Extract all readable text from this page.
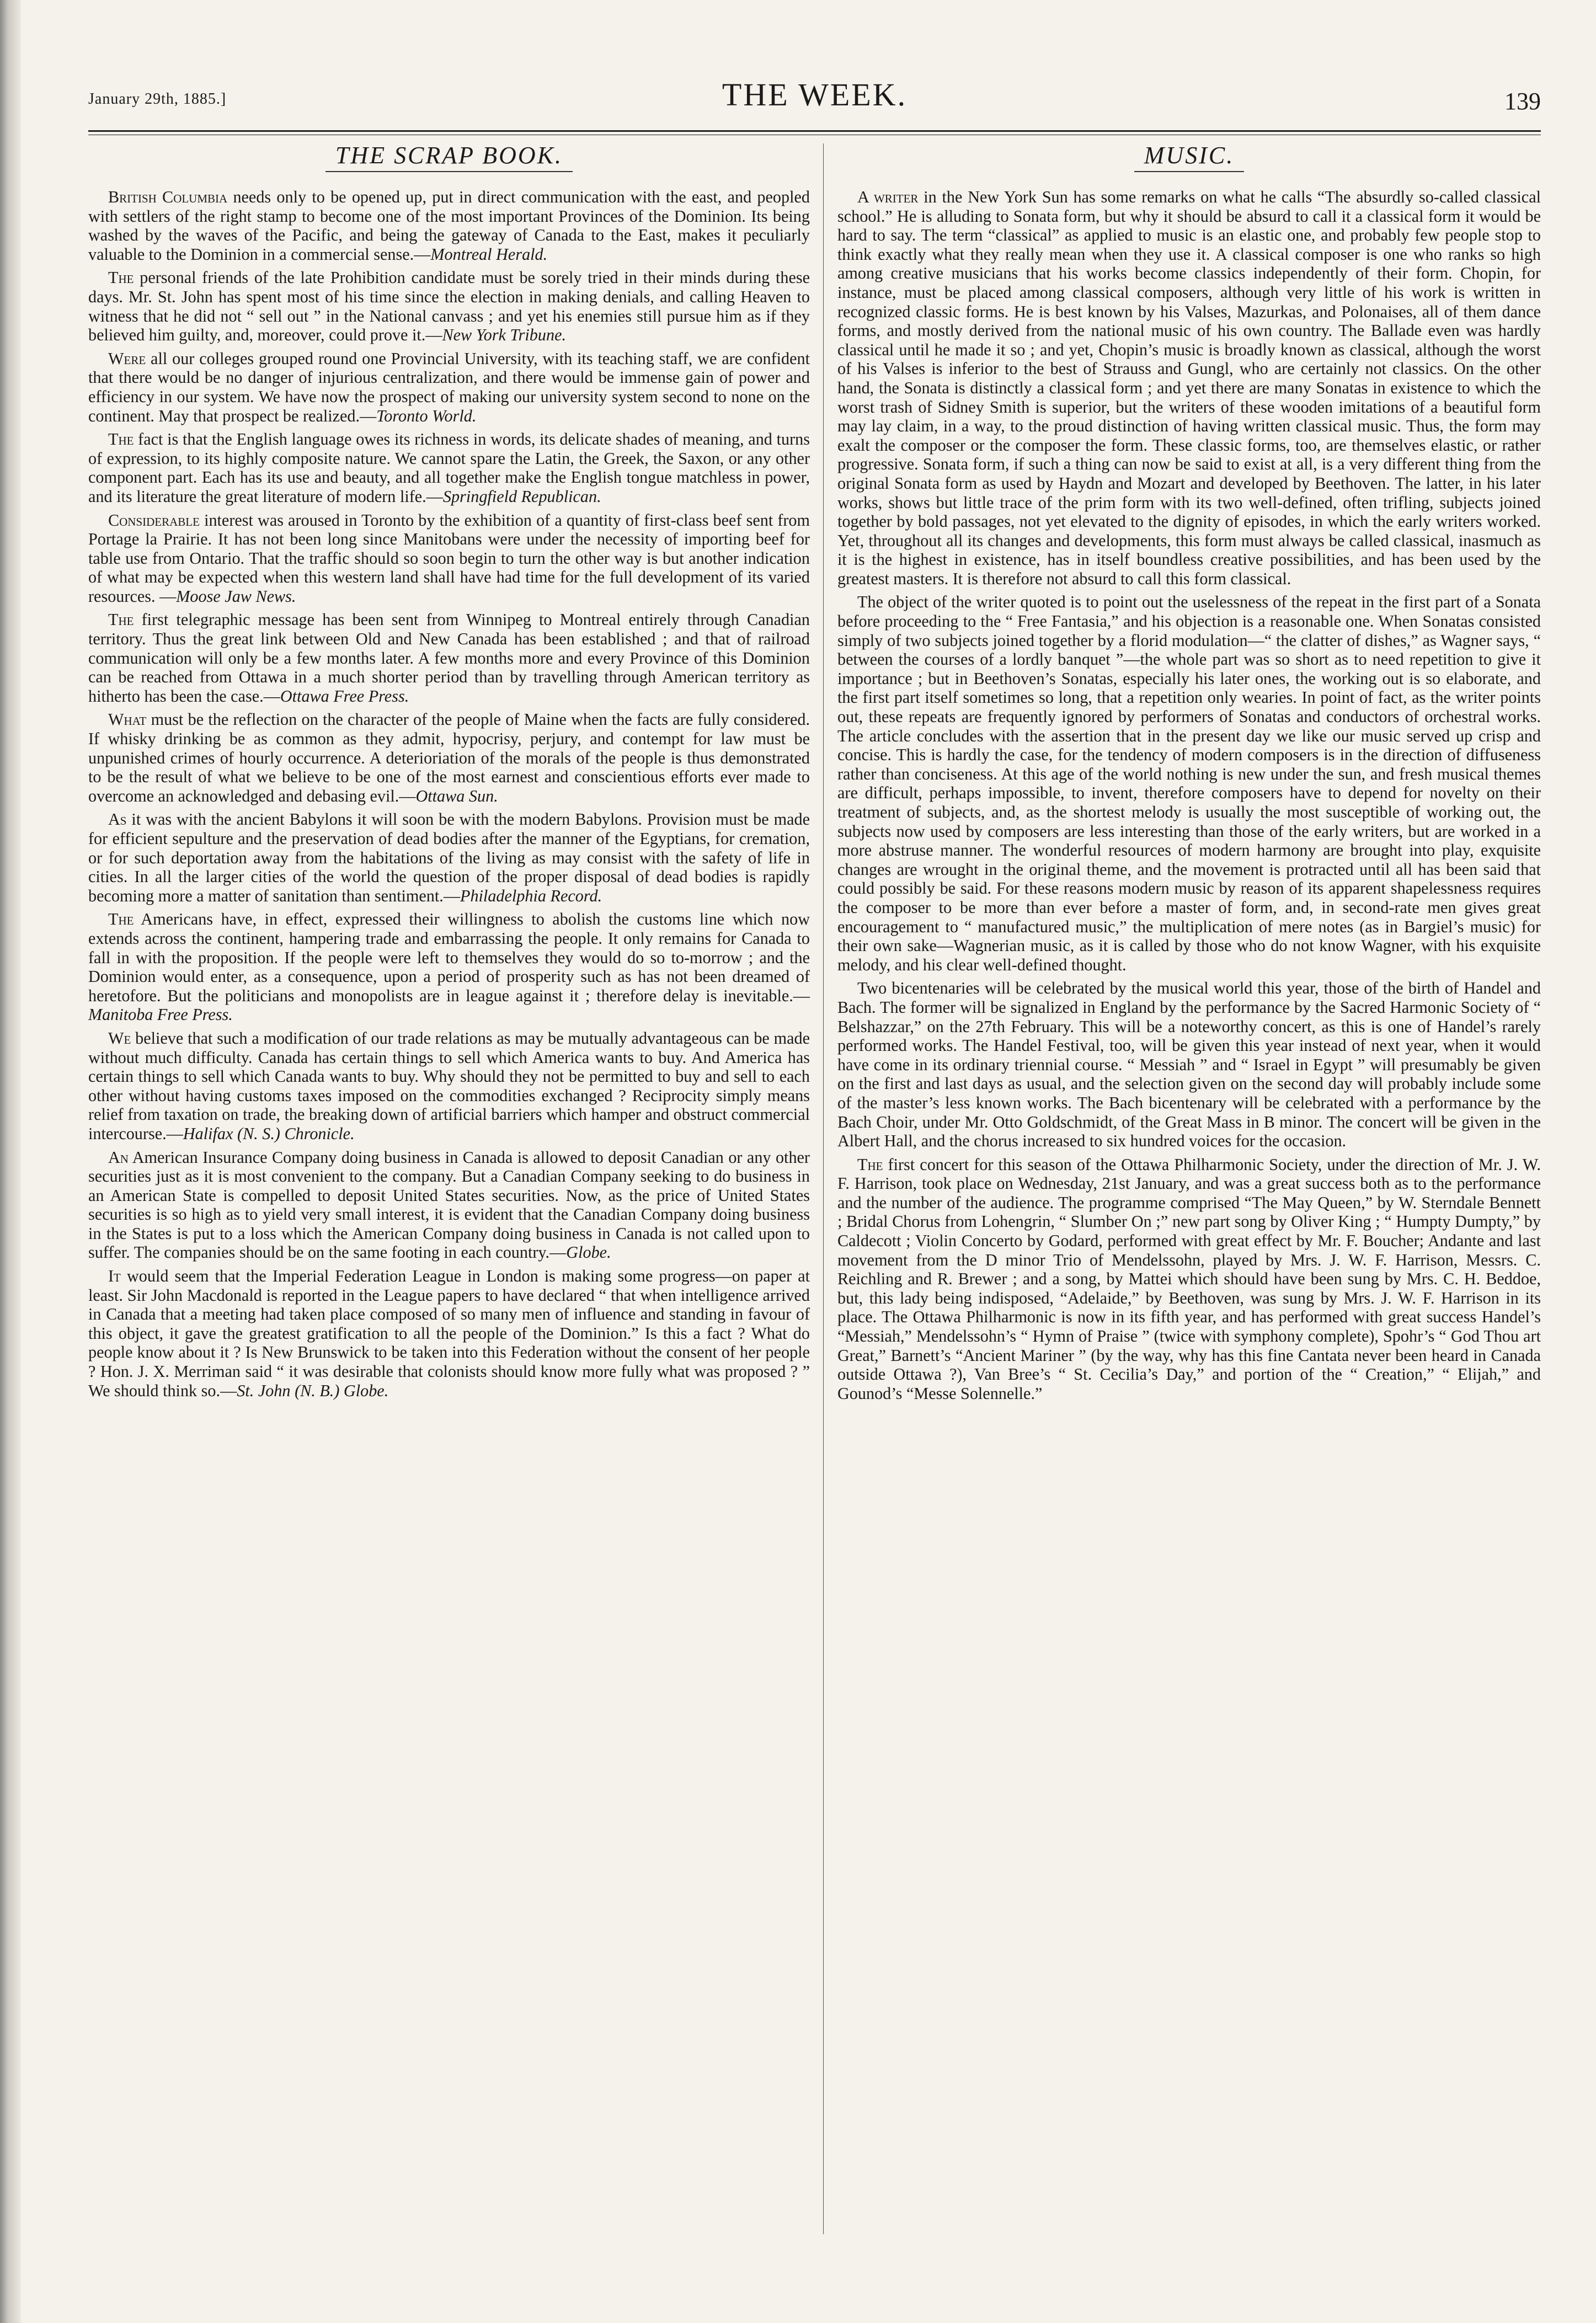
January 29th, 1885.]	THE WEEK.	139
THE SCRAP BOOK.

British Columbia needs only to be opened up, put in direct communication with the east, and peopled with settlers of the right stamp to become one of the most important Provinces of the Dominion. Its being washed by the waves of the Pacific, and being the gateway of Canada to the East, makes it peculiarly valuable to the Dominion in a commercial sense.—Montreal Herald.

The personal friends of the late Prohibition candidate must be sorely tried in their minds during these days. Mr. St. John has spent most of his time since the election in making denials, and calling Heaven to witness that he did not “ sell out ” in the National canvass ; and yet his enemies still pursue him as if they believed him guilty, and, moreover, could prove it.—New York Tribune.

Were all our colleges grouped round one Provincial University, with its teaching staff, we are confident that there would be no danger of injurious centralization, and there would be immense gain of power and efficiency in our system. We have now the prospect of making our university system second to none on the continent. May that prospect be realized.—Toronto World.

The fact is that the English language owes its richness in words, its delicate shades of meaning, and turns of expression, to its highly composite nature. We cannot spare the Latin, the Greek, the Saxon, or any other component part. Each has its use and beauty, and all together make the English tongue matchless in power, and its literature the great literature of modern life.—Springfield Republican.

Considerable interest was aroused in Toronto by the exhibition of a quantity of first-class beef sent from Portage la Prairie. It has not been long since Manitobans were under the necessity of importing beef for table use from Ontario. That the traffic should so soon begin to turn the other way is but another indication of what may be expected when this western land shall have had time for the full development of its varied resources. —Moose Jaw News.

The first telegraphic message has been sent from Winnipeg to Montreal entirely through Canadian territory. Thus the great link between Old and New Canada has been established ; and that of railroad communication will only be a few months later. A few months more and every Province of this Dominion can be reached from Ottawa in a much shorter period than by travelling through American territory as hitherto has been the case.—Ottawa Free Press.

What must be the reflection on the character of the people of Maine when the facts are fully considered. If whisky drinking be as common as they admit, hypocrisy, perjury, and contempt for law must be unpunished crimes of hourly occurrence. A deterioriation of the morals of the people is thus demonstrated to be the result of what we believe to be one of the most earnest and conscientious efforts ever made to overcome an acknowledged and debasing evil.—Ottawa Sun.

As it was with the ancient Babylons it will soon be with the modern Babylons. Provision must be made for efficient sepulture and the preservation of dead bodies after the manner of the Egyptians, for cremation, or for such deportation away from the habitations of the living as may consist with the safety of life in cities. In all the larger cities of the world the question of the proper disposal of dead bodies is rapidly becoming more a matter of sanitation than sentiment.—Philadelphia Record.

The Americans have, in effect, expressed their willingness to abolish the customs line which now extends across the continent, hampering trade and embarrassing the people. It only remains for Canada to fall in with the proposition. If the people were left to themselves they would do so to-morrow ; and the Dominion would enter, as a consequence, upon a period of prosperity such as has not been dreamed of heretofore. But the politicians and monopolists are in league against it ; therefore delay is inevitable.—Manitoba Free Press.

We believe that such a modification of our trade relations as may be mutually advantageous can be made without much difficulty. Canada has certain things to sell which America wants to buy. And America has certain things to sell which Canada wants to buy. Why should they not be permitted to buy and sell to each other without having customs taxes imposed on the commodities exchanged ? Reciprocity simply means relief from taxation on trade, the breaking down of artificial barriers which hamper and obstruct commercial intercourse.—Halifax (N. S.) Chronicle.

An American Insurance Company doing business in Canada is allowed to deposit Canadian or any other securities just as it is most convenient to the company. But a Canadian Company seeking to do business in an American State is compelled to deposit United States securities. Now, as the price of United States securities is so high as to yield very small interest, it is evident that the Canadian Company doing business in the States is put to a loss which the American Company doing business in Canada is not called upon to suffer. The companies should be on the same footing in each country.—Globe.

It would seem that the Imperial Federation League in London is making some progress—on paper at least. Sir John Macdonald is reported in the League papers to have declared “ that when intelligence arrived in Canada that a meeting had taken place composed of so many men of influence and standing in favour of this object, it gave the greatest gratification to all the people of the Dominion.” Is this a fact ? What do people know about it ? Is New Brunswick to be taken into this Federation without the consent of her people ? Hon. J. X. Merriman said “ it was desirable that colonists should know more fully what was proposed ? ” We should think so.—St. John (N. B.) Globe.

MUSIC.

A writer in the New York Sun has some remarks on what he calls “The absurdly so-called classical school.” He is alluding to Sonata form, but why it should be absurd to call it a classical form it would be hard to say. The term “classical” as applied to music is an elastic one, and probably few people stop to think exactly what they really mean when they use it. A classical composer is one who ranks so high among creative musicians that his works become classics independently of their form. Chopin, for instance, must be placed among classical composers, although very little of his work is written in recognized classic forms. He is best known by his Valses, Mazurkas, and Polonaises, all of them dance forms, and mostly derived from the national music of his own country. The Ballade even was hardly classical until he made it so ; and yet, Chopin’s music is broadly known as classical, although the worst of his Valses is inferior to the best of Strauss and Gungl, who are certainly not classics. On the other hand, the Sonata is distinctly a classical form ; and yet there are many Sonatas in existence to which the worst trash of Sidney Smith is superior, but the writers of these wooden imitations of a beautiful form may lay claim, in a way, to the proud distinction of having written classical music. Thus, the form may exalt the composer or the composer the form. These classic forms, too, are themselves elastic, or rather progressive. Sonata form, if such a thing can now be said to exist at all, is a very different thing from the original Sonata form as used by Haydn and Mozart and developed by Beethoven. The latter, in his later works, shows but little trace of the prim form with its two well-defined, often trifling, subjects joined together by bold passages, not yet elevated to the dignity of episodes, in which the early writers worked. Yet, throughout all its changes and developments, this form must always be called classical, inasmuch as it is the highest in existence, has in itself boundless creative possibilities, and has been used by the greatest masters. It is therefore not absurd to call this form classical.

The object of the writer quoted is to point out the uselessness of the repeat in the first part of a Sonata before proceeding to the “ Free Fantasia,” and his objection is a reasonable one. When Sonatas consisted simply of two subjects joined together by a florid modulation—“ the clatter of dishes,” as Wagner says, “ between the courses of a lordly banquet ”—the whole part was so short as to need repetition to give it importance ; but in Beethoven’s Sonatas, especially his later ones, the working out is so elaborate, and the first part itself sometimes so long, that a repetition only wearies. In point of fact, as the writer points out, these repeats are frequently ignored by performers of Sonatas and conductors of orchestral works. The article concludes with the assertion that in the present day we like our music served up crisp and concise. This is hardly the case, for the tendency of modern composers is in the direction of diffuseness rather than conciseness. At this age of the world nothing is new under the sun, and fresh musical themes are difficult, perhaps impossible, to invent, therefore composers have to depend for novelty on their treatment of subjects, and, as the shortest melody is usually the most susceptible of working out, the subjects now used by composers are less interesting than those of the early writers, but are worked in a more abstruse manner. The wonderful resources of modern harmony are brought into play, exquisite changes are wrought in the original theme, and the movement is protracted until all has been said that could possibly be said. For these reasons modern music by reason of its apparent shapelessness requires the composer to be more than ever before a master of form, and, in second-rate men gives great encouragement to “ manufactured music,” the multiplication of mere notes (as in Bargiel’s music) for their own sake—Wagnerian music, as it is called by those who do not know Wagner, with his exquisite melody, and his clear well-defined thought.

Two bicentenaries will be celebrated by the musical world this year, those of the birth of Handel and Bach. The former will be signalized in England by the performance by the Sacred Harmonic Society of “ Belshazzar,” on the 27th February. This will be a noteworthy concert, as this is one of Handel’s rarely performed works. The Handel Festival, too, will be given this year instead of next year, when it would have come in its ordinary triennial course. “ Messiah ” and “ Israel in Egypt ” will presumably be given on the first and last days as usual, and the selection given on the second day will probably include some of the master’s less known works. The Bach bicentenary will be celebrated with a performance by the Bach Choir, under Mr. Otto Goldschmidt, of the Great Mass in B minor. The concert will be given in the Albert Hall, and the chorus increased to six hundred voices for the occasion.

The first concert for this season of the Ottawa Philharmonic Society, under the direction of Mr. J. W. F. Harrison, took place on Wednesday, 21st January, and was a great success both as to the performance and the number of the audience. The programme comprised “The May Queen,” by W. Sterndale Bennett ; Bridal Chorus from Lohengrin, “ Slumber On ;” new part song by Oliver King ; “ Humpty Dumpty,” by Caldecott ; Violin Concerto by Godard, performed with great effect by Mr. F. Boucher; Andante and last movement from the D minor Trio of Mendelssohn, played by Mrs. J. W. F. Harrison, Messrs. C. Reichling and R. Brewer ; and a song, by Mattei which should have been sung by Mrs. C. H. Beddoe, but, this lady being indisposed, “Adelaide,” by Beethoven, was sung by Mrs. J. W. F. Harrison in its place. The Ottawa Philharmonic is now in its fifth year, and has performed with great success Handel’s “Messiah,” Mendelssohn’s “ Hymn of Praise ” (twice with symphony complete), Spohr’s “ God Thou art Great,” Barnett’s “Ancient Mariner ” (by the way, why has this fine Cantata never been heard in Canada outside Ottawa ?), Van Bree’s “ St. Cecilia’s Day,” and portion of the “ Creation,” “ Elijah,” and Gounod’s “Messe Solennelle.”
